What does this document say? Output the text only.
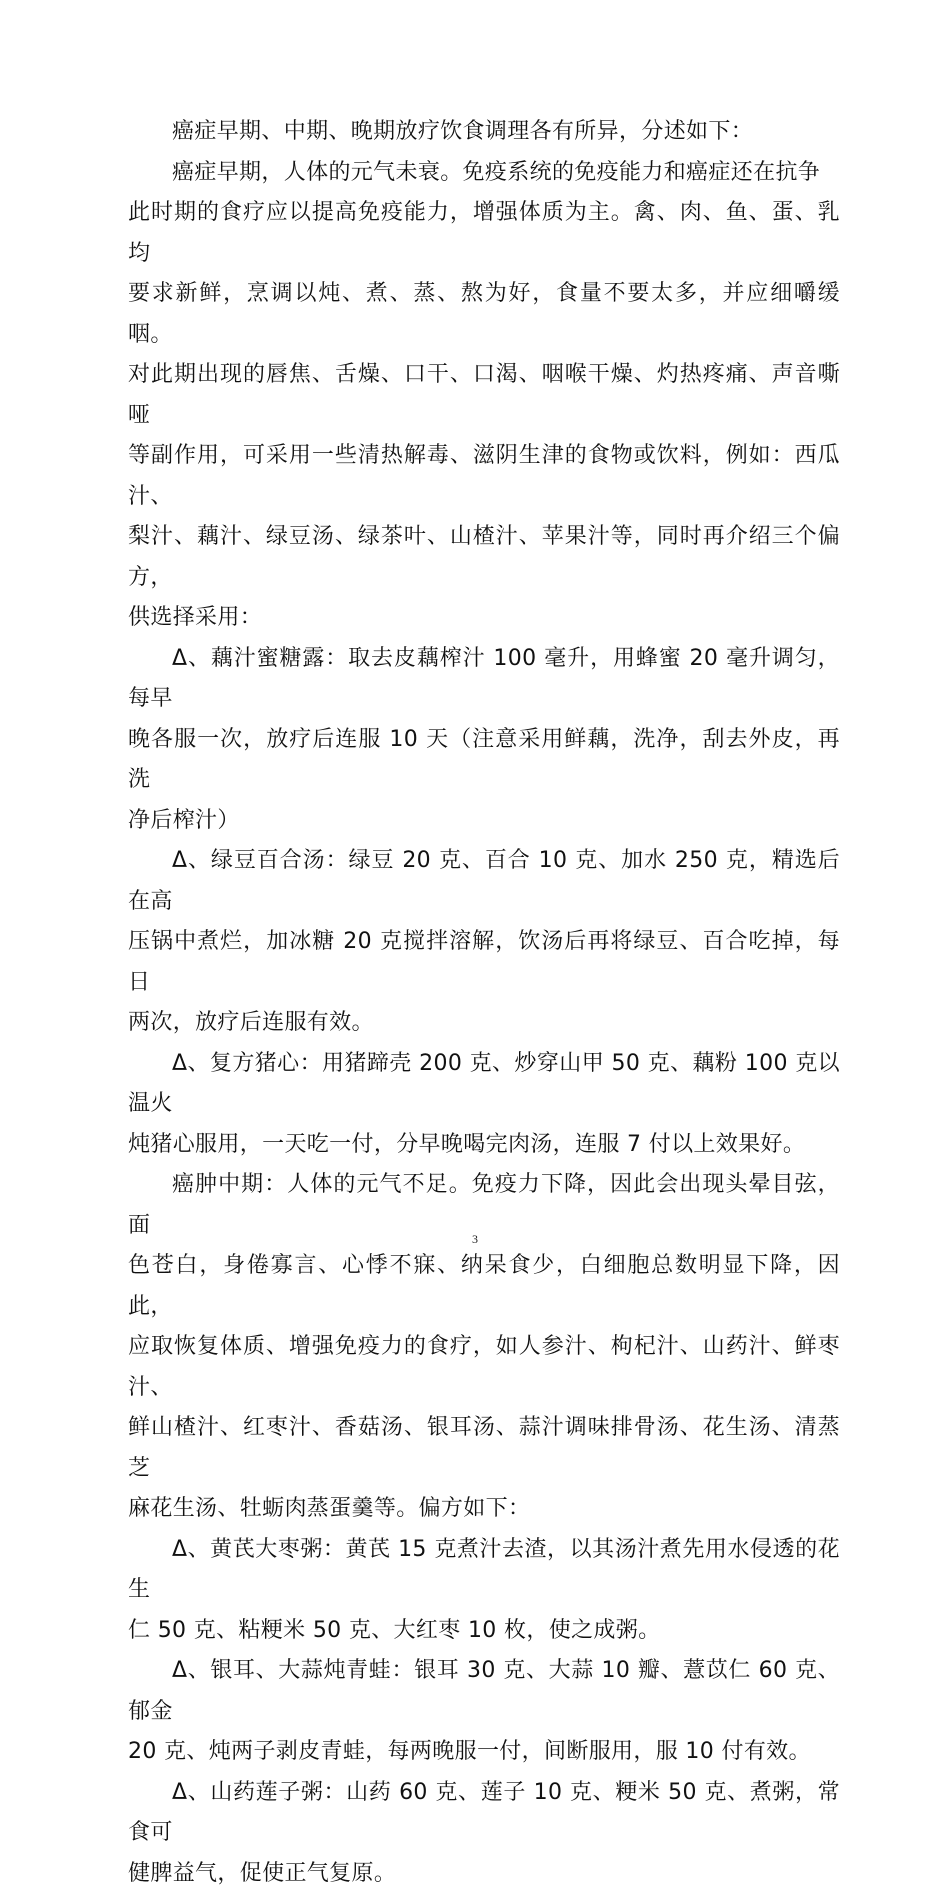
癌症早期、中期、晚期放疗饮食调理各有所异，分述如下：

癌症早期，人体的元气未衰。免疫系统的免疫能力和癌症还在抗争
此时期的食疗应以提高免疫能力，增强体质为主。禽、肉、鱼、蛋、乳均
要求新鲜，烹调以炖、煮、蒸、熬为好，食量不要太多，并应细嚼缓咽。
对此期出现的唇焦、舌燥、口干、口渴、咽喉干燥、灼热疼痛、声音嘶哑
等副作用，可采用一些清热解毒、滋阴生津的食物或饮料，例如：西瓜汁、
梨汁、藕汁、绿豆汤、绿茶叶、山楂汁、苹果汁等，同时再介绍三个偏方，
供选择采用：

Δ、藕汁蜜糖露：取去皮藕榨汁 100 毫升，用蜂蜜 20 毫升调匀，每早
晚各服一次，放疗后连服 10 天（注意采用鲜藕，洗净，刮去外皮，再洗
净后榨汁）

Δ、绿豆百合汤：绿豆 20 克、百合 10 克、加水 250 克，精选后在高
压锅中煮烂，加冰糖 20 克搅拌溶解，饮汤后再将绿豆、百合吃掉，每日
两次，放疗后连服有效。

Δ、复方猪心：用猪蹄壳 200 克、炒穿山甲 50 克、藕粉 100 克以温火
炖猪心服用，一天吃一付，分早晚喝完肉汤，连服 7 付以上效果好。

癌肿中期：人体的元气不足。免疫力下降，因此会出现头晕目弦，面
色苍白，身倦寡言、心悸不寐、纳呆食少，白细胞总数明显下降，因此，
应取恢复体质、增强免疫力的食疗，如人参汁、枸杞汁、山药汁、鲜枣汁、
鲜山楂汁、红枣汁、香菇汤、银耳汤、蒜汁调味排骨汤、花生汤、清蒸芝
麻花生汤、牡蛎肉蒸蛋羹等。偏方如下：

Δ、黄芪大枣粥：黄芪 15 克煮汁去渣，以其汤汁煮先用水侵透的花生
仁 50 克、粘粳米 50 克、大红枣 10 枚，使之成粥。

Δ、银耳、大蒜炖青蛙：银耳 30 克、大蒜 10 瓣、薏苡仁 60 克、郁金
20 克、炖两子剥皮青蛙，每两晚服一付，间断服用，服 10 付有效。

Δ、山药莲子粥：山药 60 克、莲子 10 克、粳米 50 克、煮粥，常食可
健脾益气，促使正气复原。

3
